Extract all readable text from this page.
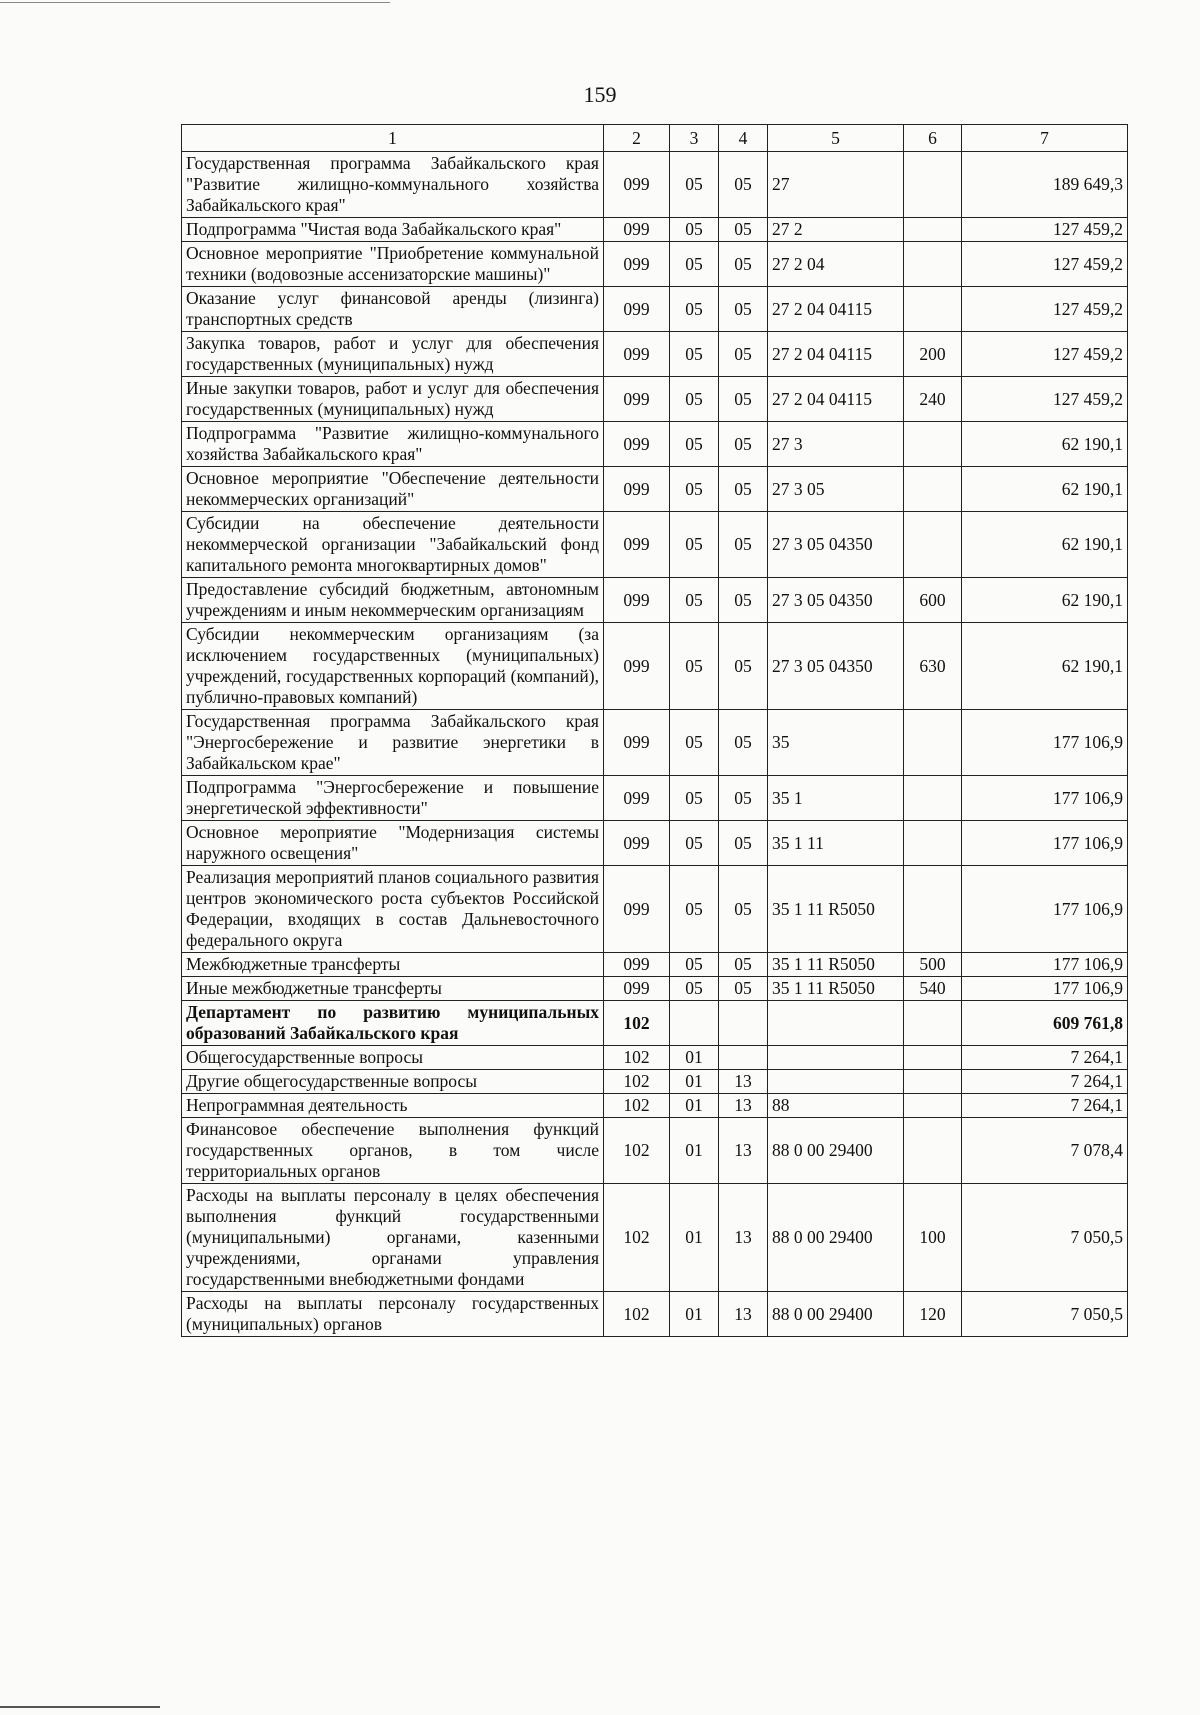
159
1	2	3	4	5	6	7
Государственная программа Забайкальского края "Развитие жилищно-коммунального хозяйства Забайкальского края"	099	05	05	27		189 649,3
Подпрограмма "Чистая вода Забайкальского края"	099	05	05	27 2		127 459,2
Основное мероприятие "Приобретение коммунальной техники (водовозные ассенизаторские машины)"	099	05	05	27 2 04		127 459,2
Оказание услуг финансовой аренды (лизинга) транспортных средств	099	05	05	27 2 04 04115		127 459,2
Закупка товаров, работ и услуг для обеспечения государственных (муниципальных) нужд	099	05	05	27 2 04 04115	200	127 459,2
Иные закупки товаров, работ и услуг для обеспечения государственных (муниципальных) нужд	099	05	05	27 2 04 04115	240	127 459,2
Подпрограмма "Развитие жилищно-коммунального хозяйства Забайкальского края"	099	05	05	27 3		62 190,1
Основное мероприятие "Обеспечение деятельности некоммерческих организаций"	099	05	05	27 3 05		62 190,1
Субсидии на обеспечение деятельности некоммерческой организации "Забайкальский фонд капитального ремонта многоквартирных домов"	099	05	05	27 3 05 04350		62 190,1
Предоставление субсидий бюджетным, автономным учреждениям и иным некоммерческим организациям	099	05	05	27 3 05 04350	600	62 190,1
Субсидии некоммерческим организациям (за исключением государственных (муниципальных) учреждений, государственных корпораций (компаний), публично-правовых компаний)	099	05	05	27 3 05 04350	630	62 190,1
Государственная программа Забайкальского края "Энергосбережение и развитие энергетики в Забайкальском крае"	099	05	05	35		177 106,9
Подпрограмма "Энергосбережение и повышение энергетической эффективности"	099	05	05	35 1		177 106,9
Основное мероприятие "Модернизация системы наружного освещения"	099	05	05	35 1 11		177 106,9
Реализация мероприятий планов социального развития центров экономического роста субъектов Российской Федерации, входящих в состав Дальневосточного федерального округа	099	05	05	35 1 11 R5050		177 106,9
Межбюджетные трансферты	099	05	05	35 1 11 R5050	500	177 106,9
Иные межбюджетные трансферты	099	05	05	35 1 11 R5050	540	177 106,9
Департамент по развитию муниципальных образований Забайкальского края	102					609 761,8
Общегосударственные вопросы	102	01				7 264,1
Другие общегосударственные вопросы	102	01	13			7 264,1
Непрограммная деятельность	102	01	13	88		7 264,1
Финансовое обеспечение выполнения функций государственных органов, в том числе территориальных органов	102	01	13	88 0 00 29400		7 078,4
Расходы на выплаты персоналу в целях обеспечения выполнения функций государственными (муниципальными) органами, казенными учреждениями, органами управления государственными внебюджетными фондами	102	01	13	88 0 00 29400	100	7 050,5
Расходы на выплаты персоналу государственных (муниципальных) органов	102	01	13	88 0 00 29400	120	7 050,5
